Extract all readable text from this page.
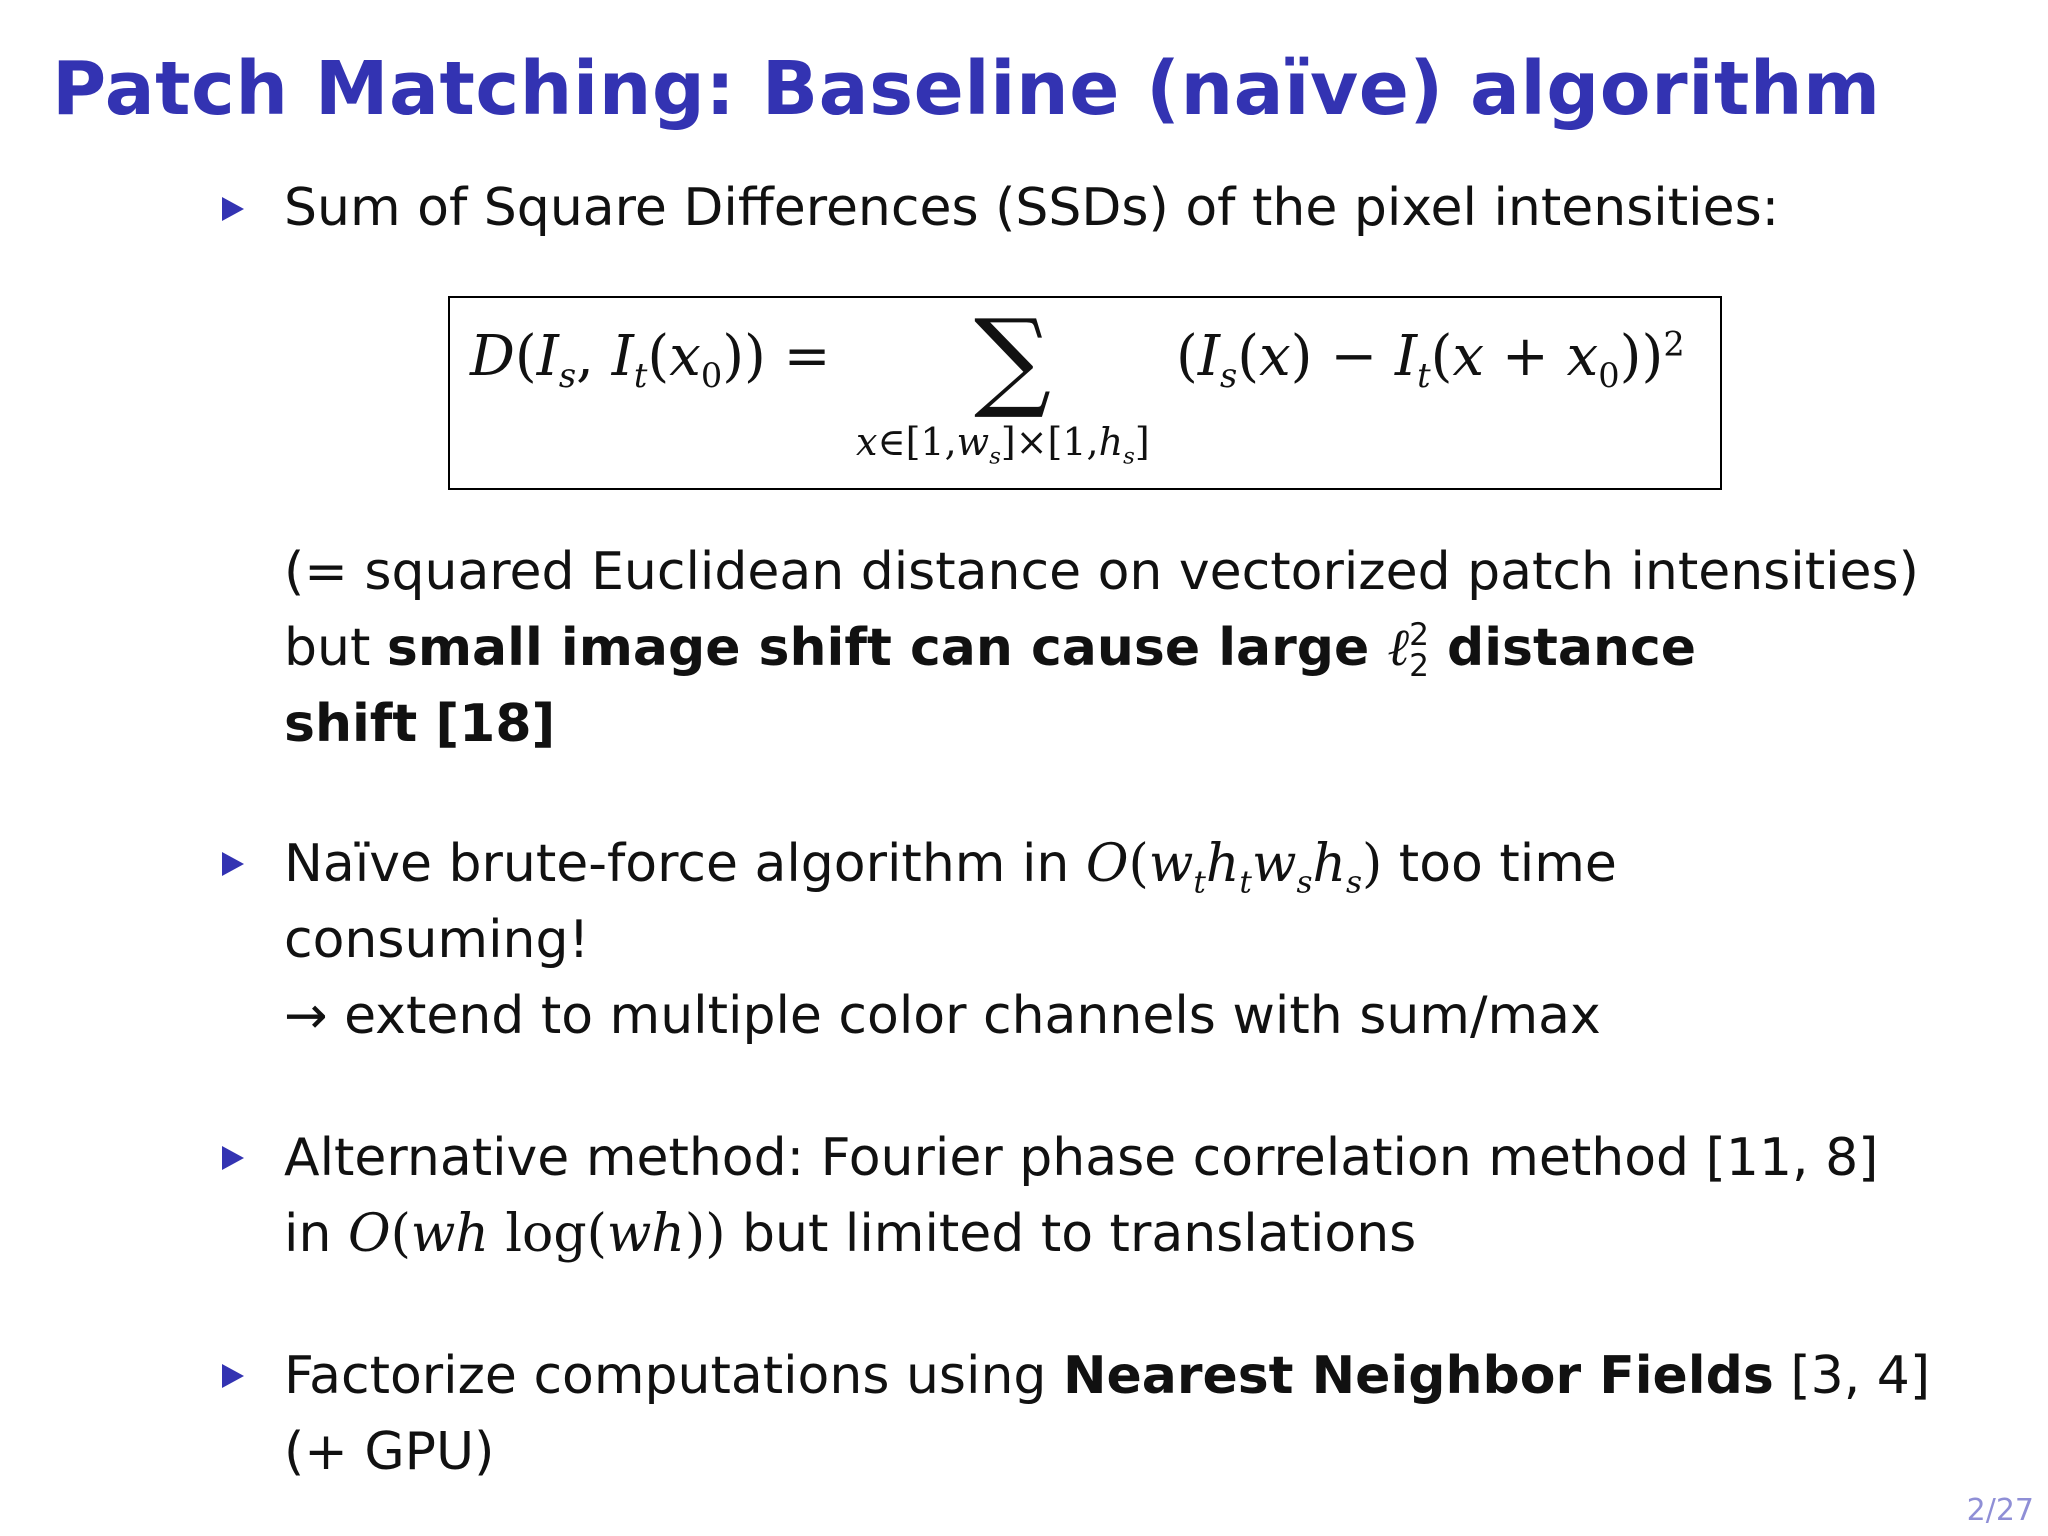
Patch Matching: Baseline (naïve) algorithm
Sum of Square Differences (SSDs) of the pixel intensities:
$D(I_s$, $I_t(x_0)$) = ∑
$x\in[1,w_s]\times[1,h_s]$
$(I_s(x) - I_t(x + x_0))^2$
(= squared Euclidean distance on vectorized patch intensities)
but small image shift can cause large ℓ 2
2 distance
shift [18]
Naïve brute-force algorithm in $O(w_th_tw_sh_s)$ too time
consuming!
→ extend to multiple color channels with sum/max
Alternative method: Fourier phase correlation method [11, 8]
in O(wh log(wh)) but limited to translations
Factorize computations using Nearest Neighbor Fields [3, 4]
(+ GPU)
2/27
